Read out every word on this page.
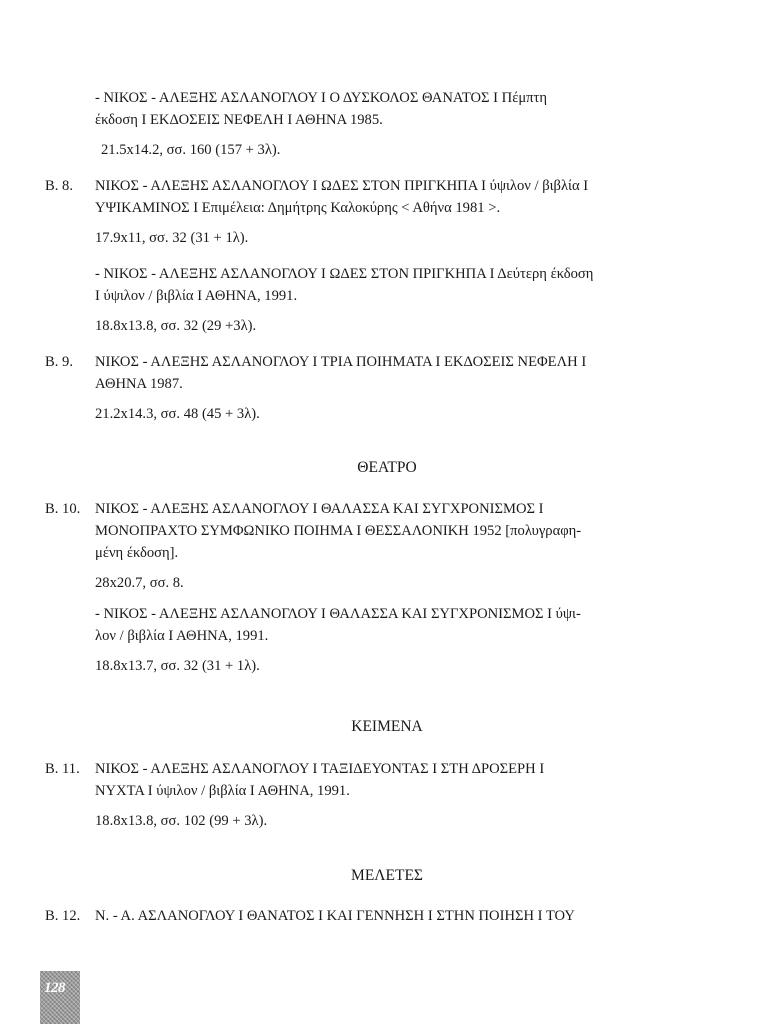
- ΝΙΚΟΣ - ΑΛΕΞΗΣ ΑΣΛΑΝΟΓΛΟΥ Ι Ο ΔΥΣΚΟΛΟΣ ΘΑΝΑΤΟΣ Ι Πέμπτη
έκδοση Ι ΕΚΔΟΣΕΙΣ ΝΕΦΕΛΗ Ι ΑΘΗΝΑ 1985.
21.5x14.2, σσ. 160 (157 + 3λ).
Β. 8. ΝΙΚΟΣ - ΑΛΕΞΗΣ ΑΣΛΑΝΟΓΛΟΥ Ι ΩΔΕΣ ΣΤΟΝ ΠΡΙΓΚΗΠΑ Ι ύψιλον / βιβλία Ι
ΥΨΙΚΑΜΙΝΟΣ Ι Επιμέλεια: Δημήτρης Καλοκύρης < Αθήνα 1981 >.
17.9x11, σσ. 32 (31 + 1λ).
- ΝΙΚΟΣ - ΑΛΕΞΗΣ ΑΣΛΑΝΟΓΛΟΥ Ι ΩΔΕΣ ΣΤΟΝ ΠΡΙΓΚΗΠΑ Ι Δεύτερη έκδοση
Ι ύψιλον / βιβλία Ι ΑΘΗΝΑ, 1991.
18.8x13.8, σσ. 32 (29 +3λ).
Β. 9. ΝΙΚΟΣ - ΑΛΕΞΗΣ ΑΣΛΑΝΟΓΛΟΥ Ι ΤΡΙΑ ΠΟΙΗΜΑΤΑ Ι ΕΚΔΟΣΕΙΣ ΝΕΦΕΛΗ Ι
ΑΘΗΝΑ 1987.
21.2x14.3, σσ. 48 (45 + 3λ).
ΘΕΑΤΡΟ
Β. 10. ΝΙΚΟΣ - ΑΛΕΞΗΣ ΑΣΛΑΝΟΓΛΟΥ Ι ΘΑΛΑΣΣΑ ΚΑΙ ΣΥΓΧΡΟΝΙΣΜΟΣ Ι
ΜΟΝΟΠΡΑΧΤΟ ΣΥΜΦΩΝΙΚΟ ΠΟΙΗΜΑ Ι ΘΕΣΣΑΛΟΝΙΚΗ 1952 [πολυγραφη-
μένη έκδοση].
28x20.7, σσ. 8.
- ΝΙΚΟΣ - ΑΛΕΞΗΣ ΑΣΛΑΝΟΓΛΟΥ Ι ΘΑΛΑΣΣΑ ΚΑΙ ΣΥΓΧΡΟΝΙΣΜΟΣ Ι ύψι-
λον / βιβλία Ι ΑΘΗΝΑ, 1991.
18.8x13.7, σσ. 32 (31 + 1λ).
ΚΕΙΜΕΝΑ
Β. 11. ΝΙΚΟΣ - ΑΛΕΞΗΣ ΑΣΛΑΝΟΓΛΟΥ Ι ΤΑΞΙΔΕΥΟΝΤΑΣ Ι ΣΤΗ ΔΡΟΣΕΡΗ Ι
ΝΥΧΤΑ Ι ύψιλον / βιβλία Ι ΑΘΗΝΑ, 1991.
18.8x13.8, σσ. 102 (99 + 3λ).
ΜΕΛΕΤΕΣ
Β. 12. Ν. - Α. ΑΣΛΑΝΟΓΛΟΥ Ι ΘΑΝΑΤΟΣ Ι ΚΑΙ ΓΕΝΝΗΣΗ Ι ΣΤΗΝ ΠΟΙΗΣΗ Ι ΤΟΥ
128
